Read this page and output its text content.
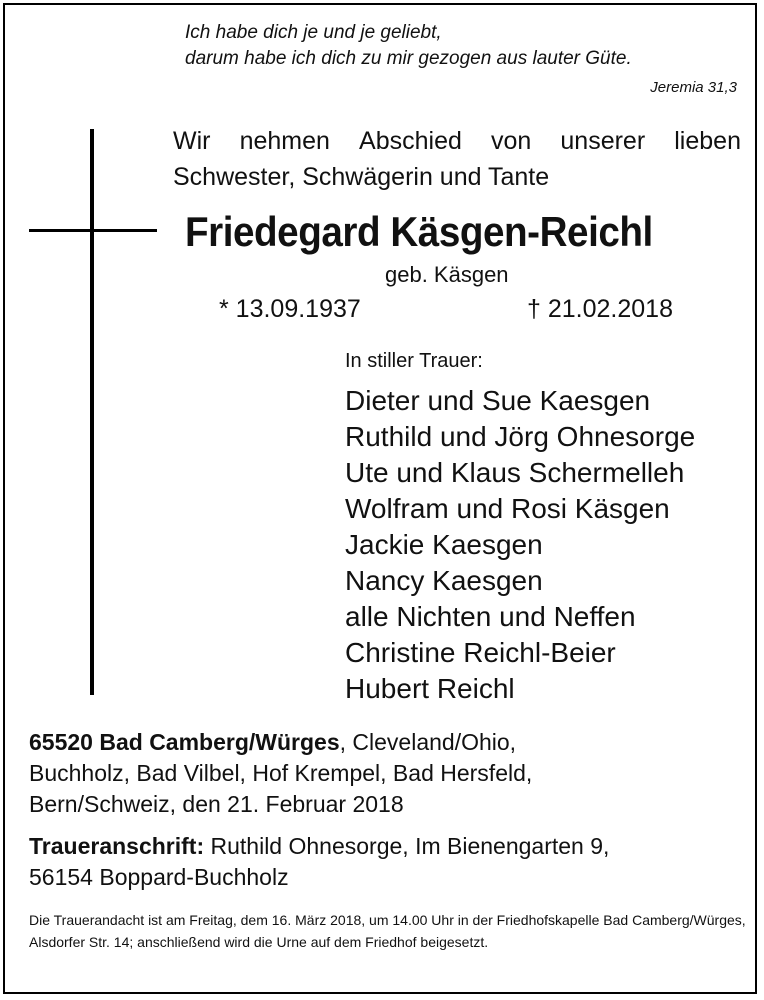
Ich habe dich je und je geliebt,
darum habe ich dich zu mir gezogen aus lauter Güte.
Jeremia 31,3
Wir nehmen Abschied von unserer lieben
Schwester, Schwägerin und Tante
Friedegard Käsgen-Reichl
geb. Käsgen
* 13.09.1937	† 21.02.2018
In stiller Trauer:
Dieter und Sue Kaesgen
Ruthild und Jörg Ohnesorge
Ute und Klaus Schermelleh
Wolfram und Rosi Käsgen
Jackie Kaesgen
Nancy Kaesgen
alle Nichten und Neffen
Christine Reichl-Beier
Hubert Reichl
65520 Bad Camberg/Würges, Cleveland/Ohio,
Buchholz, Bad Vilbel, Hof Krempel, Bad Hersfeld,
Bern/Schweiz, den 21. Februar 2018
Traueranschrift: Ruthild Ohnesorge, Im Bienengarten 9,
56154 Boppard-Buchholz
Die Trauerandacht ist am Freitag, dem 16. März 2018, um 14.00 Uhr in der Friedhofskapelle Bad Camberg/Würges, Alsdorfer Str. 14; anschließend wird die Urne auf dem Friedhof beigesetzt.
